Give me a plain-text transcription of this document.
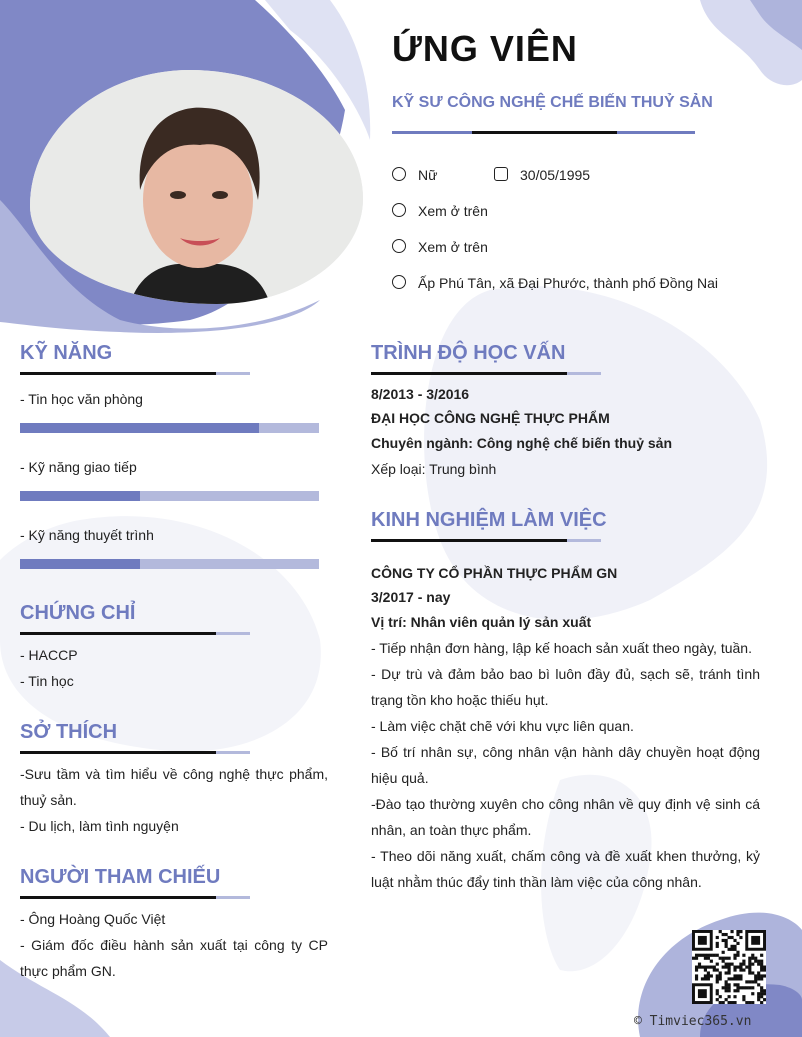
ỨNG VIÊN
KỸ SƯ CÔNG NGHỆ CHẾ BIẾN THUỶ SẢN
Nữ	30/05/1995
Xem ở trên
Xem ở trên
Ấp Phú Tân, xã Đại Phước, thành phố Đồng Nai
KỸ NĂNG

- Tin học văn phòng

- Kỹ năng giao tiếp

- Kỹ năng thuyết trình

CHỨNG CHỈ

- HACCP

- Tin học

SỞ THÍCH

-Sưu tầm và tìm hiểu về công nghệ thực phẩm, thuỷ sản.

- Du lịch, làm tình nguyện

NGƯỜI THAM CHIẾU

- Ông Hoàng Quốc Việt

- Giám đốc điều hành sản xuất tại công ty CP thực phẩm GN.

TRÌNH ĐỘ HỌC VẤN

8/2013 - 3/2016

ĐẠI HỌC CÔNG NGHỆ THỰC PHẨM

Chuyên ngành: Công nghệ chế biến thuỷ sản

Xếp loại: Trung bình

KINH NGHIỆM LÀM VIỆC

CÔNG TY CỔ PHẦN THỰC PHẨM GN

3/2017 - nay

Vị trí: Nhân viên quản lý sản xuất

- Tiếp nhận đơn hàng, lập kế hoach sản xuất theo ngày, tuần.

- Dự trù và đảm bảo bao bì luôn đầy đủ, sạch sẽ, tránh tình trạng tồn kho hoặc thiếu hụt.

- Làm việc chặt chẽ với khu vực liên quan.

- Bố trí nhân sự, công nhân vận hành dây chuyền hoạt động hiệu quả.

-Đào tạo thường xuyên cho công nhân về quy định vệ sinh cá nhân, an toàn thực phẩm.

- Theo dõi năng xuất, chấm công và đề xuất khen thưởng, kỷ luật nhằm thúc đẩy tinh thần làm việc của công nhân.

© Timviec365.vn
